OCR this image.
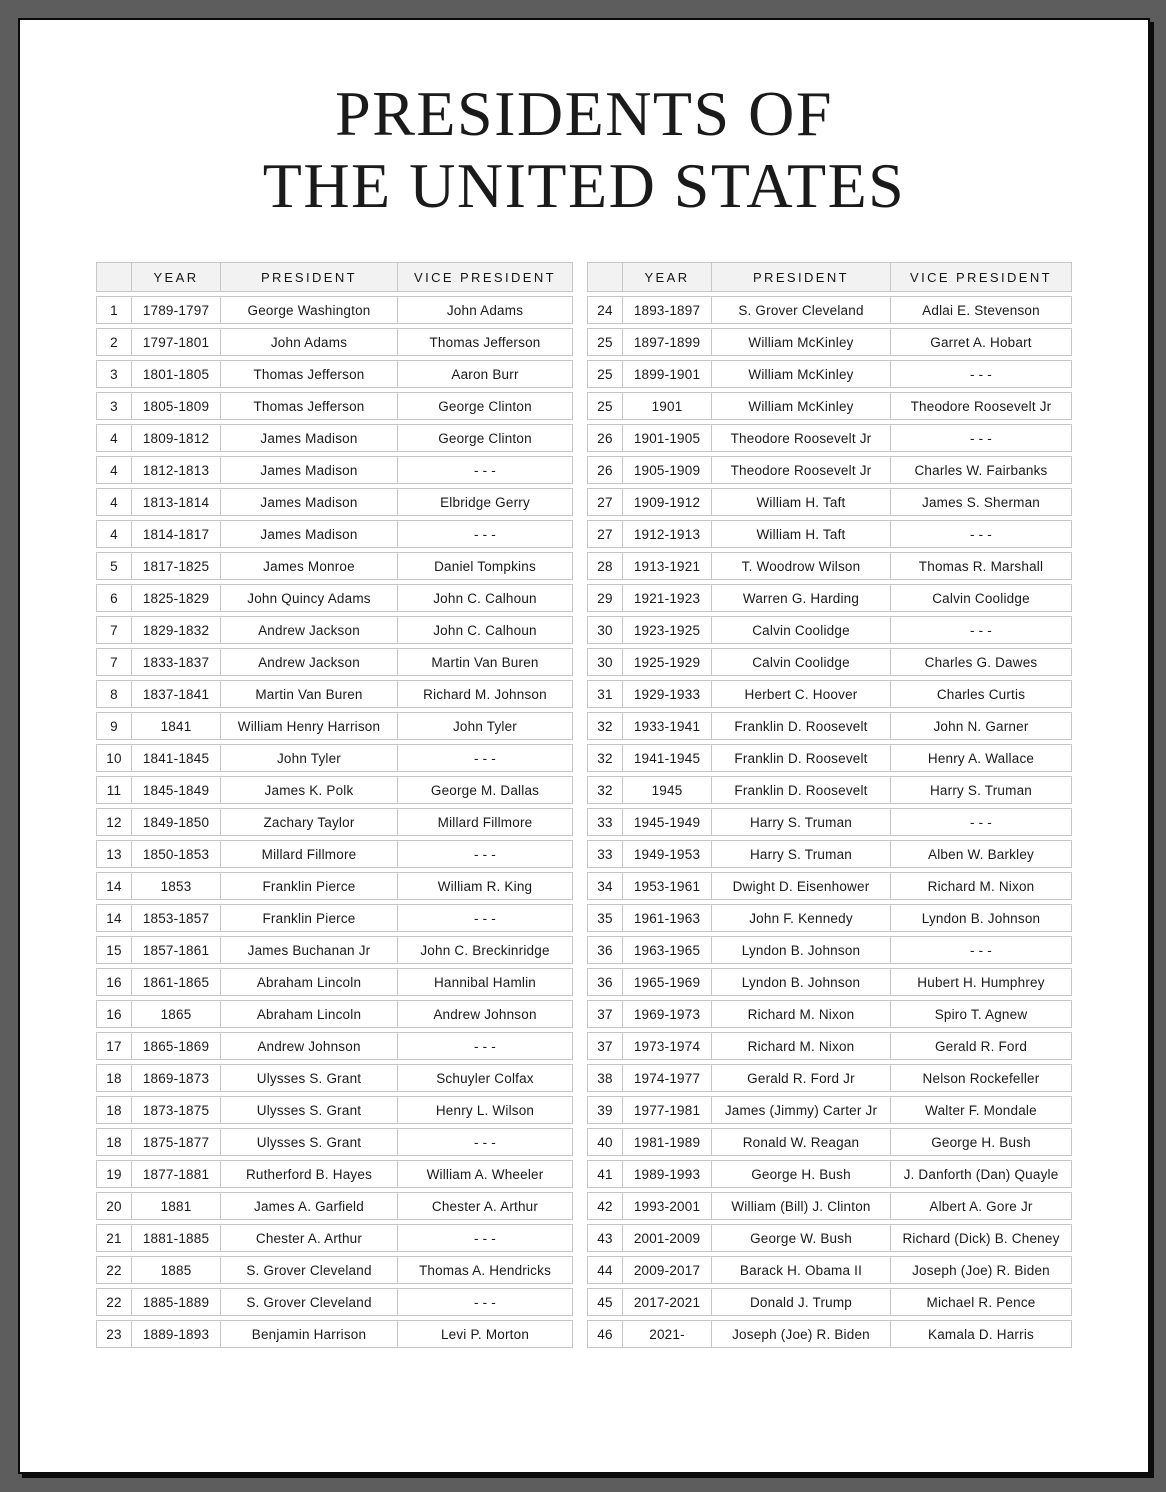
PRESIDENTS OF
THE UNITED STATES
	YEAR	PRESIDENT	VICE PRESIDENT
1	1789-1797	George Washington	John Adams
2	1797-1801	John Adams	Thomas Jefferson
3	1801-1805	Thomas Jefferson	Aaron Burr
3	1805-1809	Thomas Jefferson	George Clinton
4	1809-1812	James Madison	George Clinton
4	1812-1813	James Madison	- - -
4	1813-1814	James Madison	Elbridge Gerry
4	1814-1817	James Madison	- - -
5	1817-1825	James Monroe	Daniel Tompkins
6	1825-1829	John Quincy Adams	John C. Calhoun
7	1829-1832	Andrew Jackson	John C. Calhoun
7	1833-1837	Andrew Jackson	Martin Van Buren
8	1837-1841	Martin Van Buren	Richard M. Johnson
9	1841	William Henry Harrison	John Tyler
10	1841-1845	John Tyler	- - -
11	1845-1849	James K. Polk	George M. Dallas
12	1849-1850	Zachary Taylor	Millard Fillmore
13	1850-1853	Millard Fillmore	- - -
14	1853	Franklin Pierce	William R. King
14	1853-1857	Franklin Pierce	- - -
15	1857-1861	James Buchanan Jr	John C. Breckinridge
16	1861-1865	Abraham Lincoln	Hannibal Hamlin
16	1865	Abraham Lincoln	Andrew Johnson
17	1865-1869	Andrew Johnson	- - -
18	1869-1873	Ulysses S. Grant	Schuyler Colfax
18	1873-1875	Ulysses S. Grant	Henry L. Wilson
18	1875-1877	Ulysses S. Grant	- - -
19	1877-1881	Rutherford B. Hayes	William A. Wheeler
20	1881	James A. Garfield	Chester A. Arthur
21	1881-1885	Chester A. Arthur	- - -
22	1885	S. Grover Cleveland	Thomas A. Hendricks
22	1885-1889	S. Grover Cleveland	- - -
23	1889-1893	Benjamin Harrison	Levi P. Morton
	YEAR	PRESIDENT	VICE PRESIDENT
24	1893-1897	S. Grover Cleveland	Adlai E. Stevenson
25	1897-1899	William McKinley	Garret A. Hobart
25	1899-1901	William McKinley	- - -
25	1901	William McKinley	Theodore Roosevelt Jr
26	1901-1905	Theodore Roosevelt Jr	- - -
26	1905-1909	Theodore Roosevelt Jr	Charles W. Fairbanks
27	1909-1912	William H. Taft	James S. Sherman
27	1912-1913	William H. Taft	- - -
28	1913-1921	T. Woodrow Wilson	Thomas R. Marshall
29	1921-1923	Warren G. Harding	Calvin Coolidge
30	1923-1925	Calvin Coolidge	- - -
30	1925-1929	Calvin Coolidge	Charles G. Dawes
31	1929-1933	Herbert C. Hoover	Charles Curtis
32	1933-1941	Franklin D. Roosevelt	John N. Garner
32	1941-1945	Franklin D. Roosevelt	Henry A. Wallace
32	1945	Franklin D. Roosevelt	Harry S. Truman
33	1945-1949	Harry S. Truman	- - -
33	1949-1953	Harry S. Truman	Alben W. Barkley
34	1953-1961	Dwight D. Eisenhower	Richard M. Nixon
35	1961-1963	John F. Kennedy	Lyndon B. Johnson
36	1963-1965	Lyndon B. Johnson	- - -
36	1965-1969	Lyndon B. Johnson	Hubert H. Humphrey
37	1969-1973	Richard M. Nixon	Spiro T. Agnew
37	1973-1974	Richard M. Nixon	Gerald R. Ford
38	1974-1977	Gerald R. Ford Jr	Nelson Rockefeller
39	1977-1981	James (Jimmy) Carter Jr	Walter F. Mondale
40	1981-1989	Ronald W. Reagan	George H. Bush
41	1989-1993	George H. Bush	J. Danforth (Dan) Quayle
42	1993-2001	William (Bill) J. Clinton	Albert A. Gore Jr
43	2001-2009	George W. Bush	Richard (Dick) B. Cheney
44	2009-2017	Barack H. Obama II	Joseph (Joe) R. Biden
45	2017-2021	Donald J. Trump	Michael R. Pence
46	2021-	Joseph (Joe) R. Biden	Kamala D. Harris
